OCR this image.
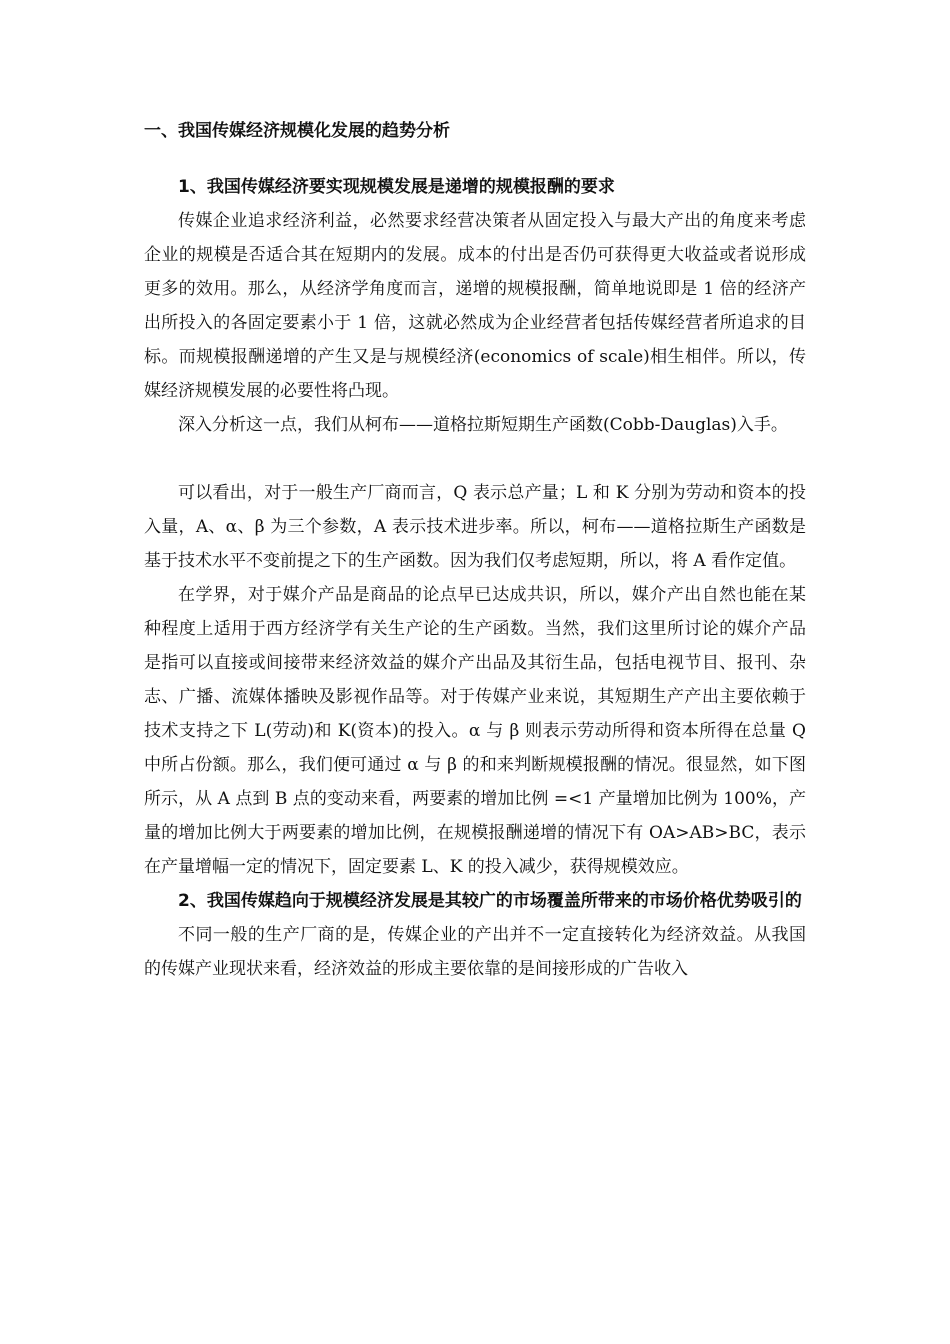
一、我国传媒经济规模化发展的趋势分析
1、我国传媒经济要实现规模发展是递增的规模报酬的要求
传媒企业追求经济利益，必然要求经营决策者从固定投入与最大产出的角度来考虑企业的规模是否适合其在短期内的发展。成本的付出是否仍可获得更大收益或者说形成更多的效用。那么，从经济学角度而言，递增的规模报酬，简单地说即是 1 倍的经济产出所投入的各固定要素小于 1 倍，这就必然成为企业经营者包括传媒经营者所追求的目标。而规模报酬递增的产生又是与规模经济(economics of scale)相生相伴。所以，传媒经济规模发展的必要性将凸现。
深入分析这一点，我们从柯布——道格拉斯短期生产函数(Cobb-Dauglas)入手。
可以看出，对于一般生产厂商而言，Q 表示总产量；L 和 K 分别为劳动和资本的投入量，A、α、β 为三个参数，A 表示技术进步率。所以，柯布——道格拉斯生产函数是基于技术水平不变前提之下的生产函数。因为我们仅考虑短期，所以，将 A 看作定值。
在学界，对于媒介产品是商品的论点早已达成共识，所以，媒介产出自然也能在某种程度上适用于西方经济学有关生产论的生产函数。当然，我们这里所讨论的媒介产品是指可以直接或间接带来经济效益的媒介产出品及其衍生品，包括电视节目、报刊、杂志、广播、流媒体播映及影视作品等。对于传媒产业来说，其短期生产产出主要依赖于技术支持之下 L(劳动)和 K(资本)的投入。α 与 β 则表示劳动所得和资本所得在总量 Q 中所占份额。那么，我们便可通过 α 与 β 的和来判断规模报酬的情况。很显然，如下图所示，从 A 点到 B 点的变动来看，两要素的增加比例 =<1 产量增加比例为 100%，产量的增加比例大于两要素的增加比例，在规模报酬递增的情况下有 OA>AB>BC，表示在产量增幅一定的情况下，固定要素 L、K 的投入减少，获得规模效应。
2、我国传媒趋向于规模经济发展是其较广的市场覆盖所带来的市场价格优势吸引的
不同一般的生产厂商的是，传媒企业的产出并不一定直接转化为经济效益。从我国的传媒产业现状来看，经济效益的形成主要依靠的是间接形成的广告收入
